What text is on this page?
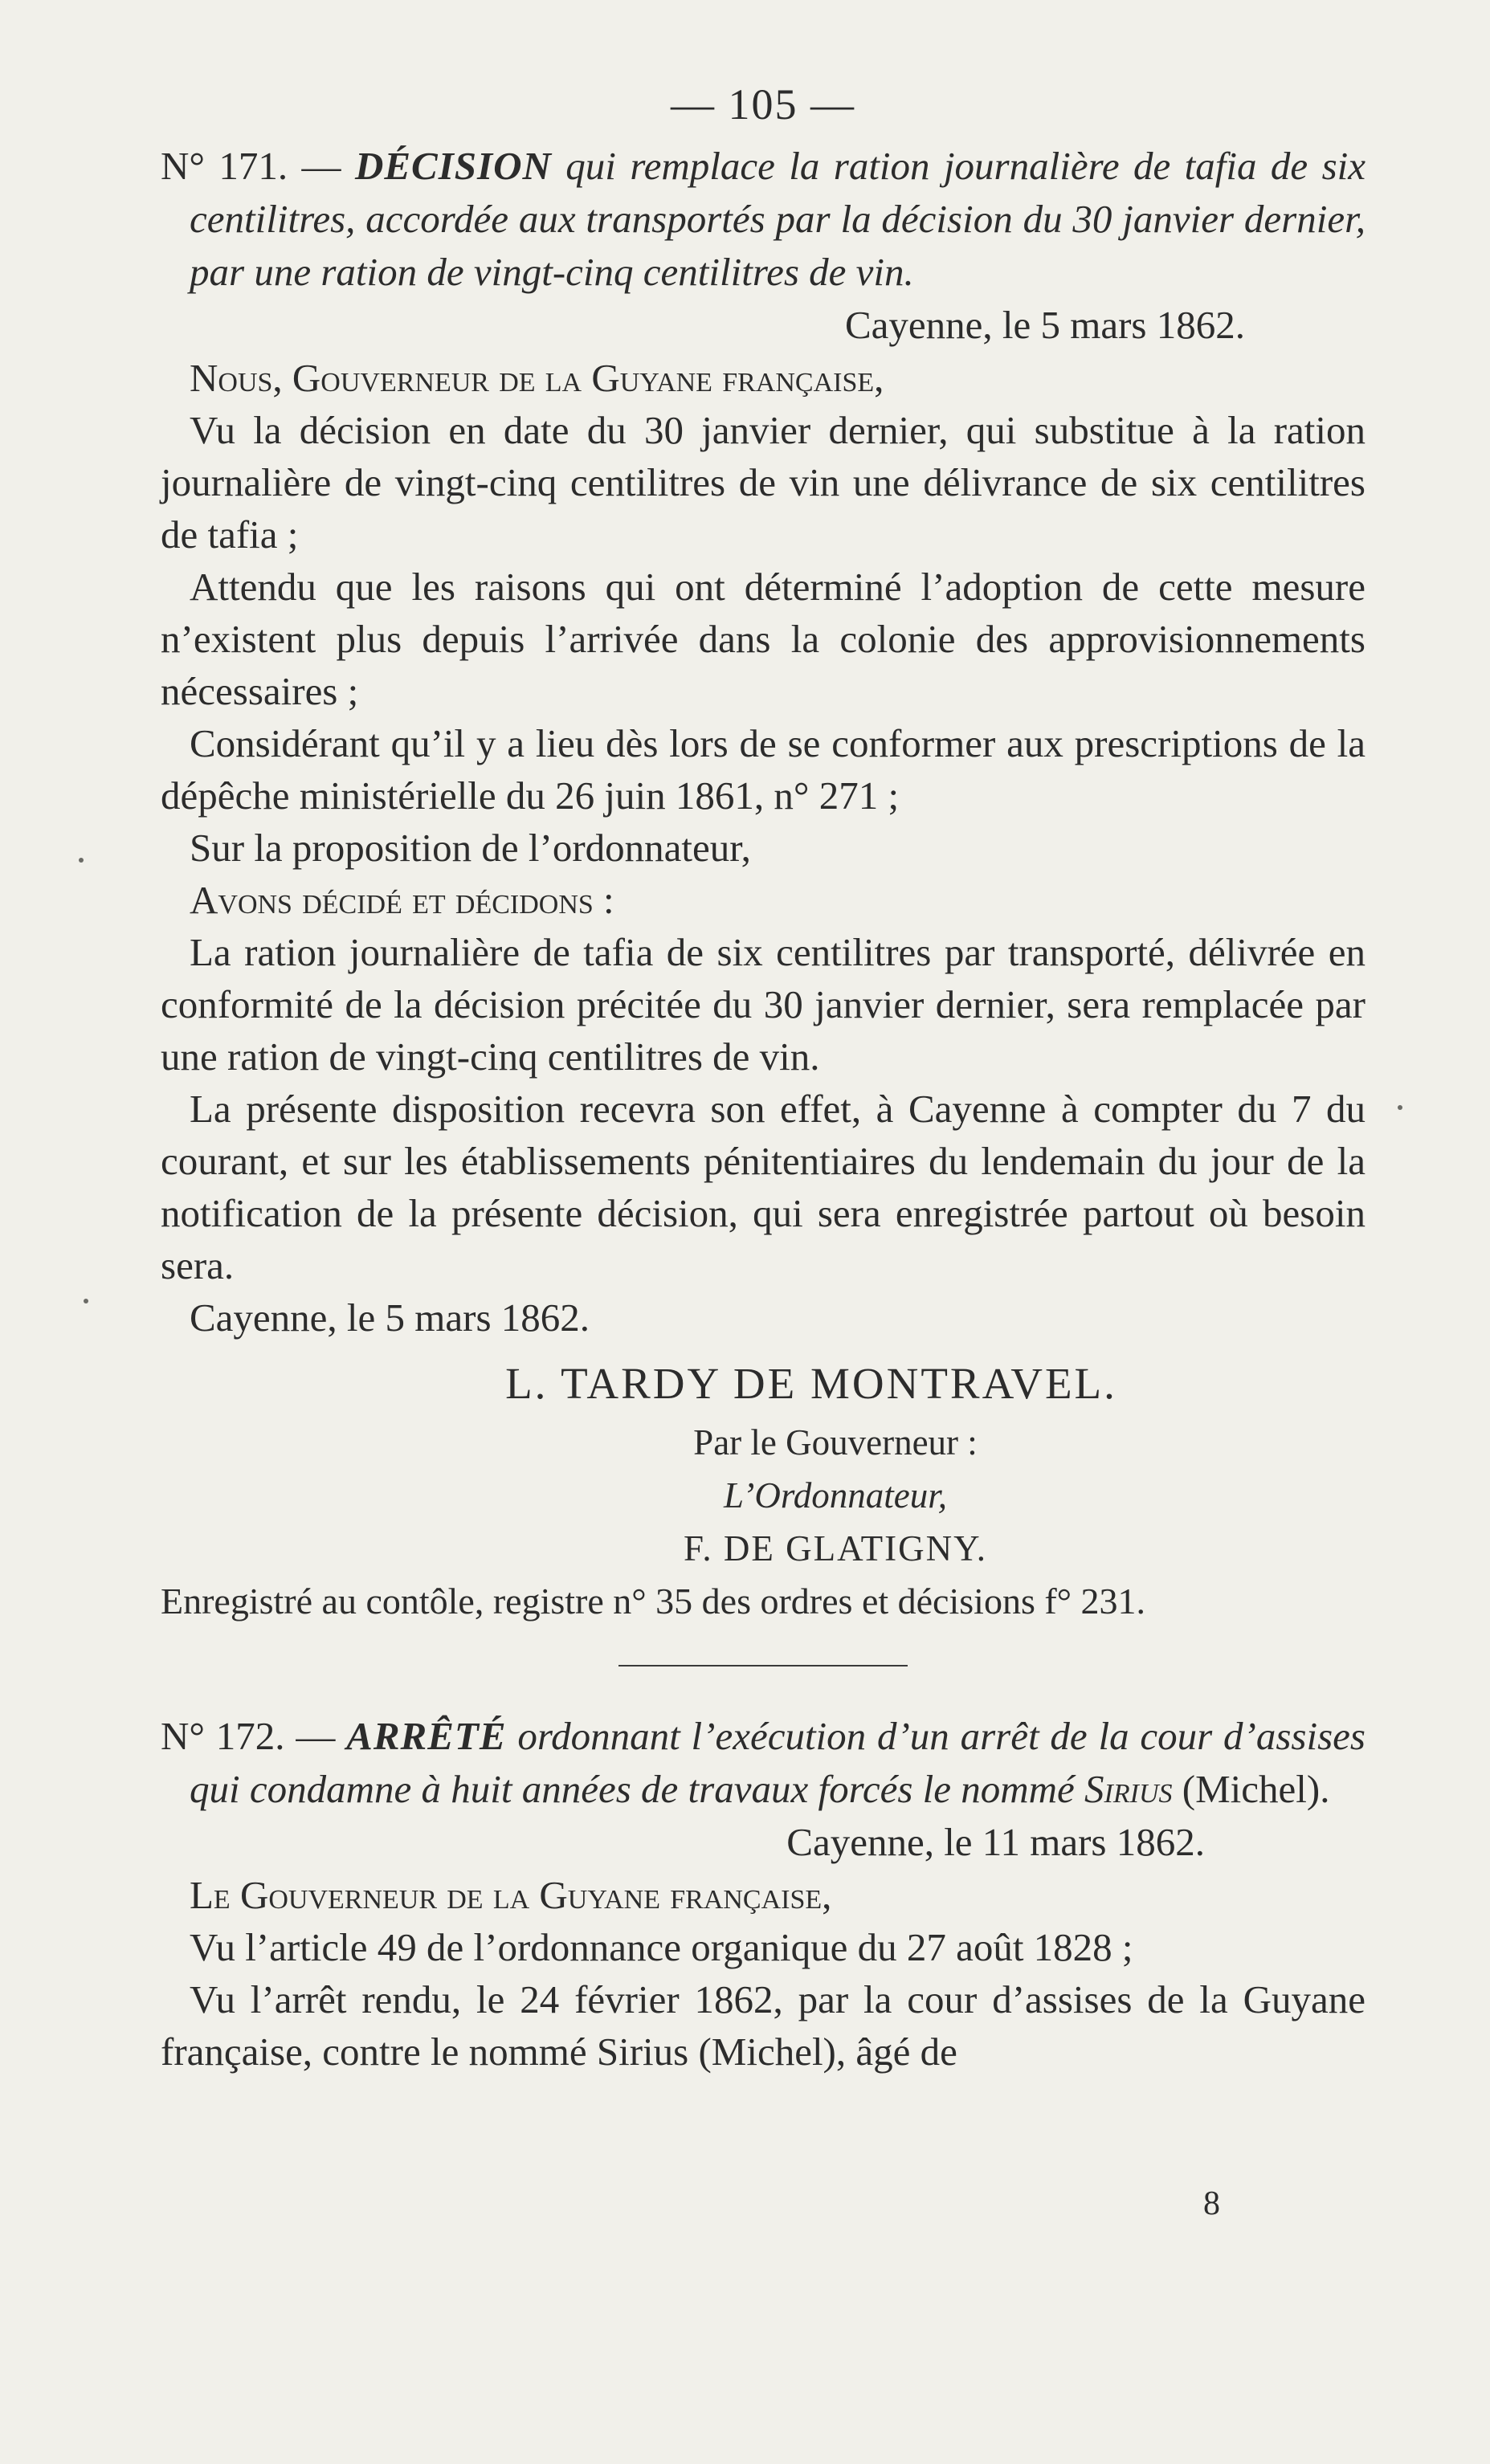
— 105 —

N° 171. — DÉCISION qui remplace la ration journalière de tafia de six centilitres, accordée aux transportés par la décision du 30 janvier dernier, par une ration de vingt-cinq centilitres de vin.

Cayenne, le 5 mars 1862.

Nous, Gouverneur de la Guyane française,

Vu la décision en date du 30 janvier dernier, qui substitue à la ration journalière de vingt-cinq centilitres de vin une délivrance de six centilitres de tafia ;

Attendu que les raisons qui ont déterminé l’adoption de cette mesure n’existent plus depuis l’arrivée dans la colonie des approvisionnements nécessaires ;

Considérant qu’il y a lieu dès lors de se conformer aux prescriptions de la dépêche ministérielle du 26 juin 1861, n° 271 ;

Sur la proposition de l’ordonnateur,

Avons décidé et décidons :

La ration journalière de tafia de six centilitres par transporté, délivrée en conformité de la décision précitée du 30 janvier dernier, sera remplacée par une ration de vingt-cinq centilitres de vin.

La présente disposition recevra son effet, à Cayenne à compter du 7 du courant, et sur les établissements pénitentiaires du lendemain du jour de la notification de la présente décision, qui sera enregistrée partout où besoin sera.

Cayenne, le 5 mars 1862.

L. TARDY DE MONTRAVEL.

Par le Gouverneur :

L’Ordonnateur,

F. DE GLATIGNY.

Enregistré au contôle, registre n° 35 des ordres et décisions f° 231.

N° 172. — ARRÊTÉ ordonnant l’exécution d’un arrêt de la cour d’assises qui condamne à huit années de travaux forcés le nommé Sirius (Michel).

Cayenne, le 11 mars 1862.

Le Gouverneur de la Guyane française,

Vu l’article 49 de l’ordonnance organique du 27 août 1828 ;

Vu l’arrêt rendu, le 24 février 1862, par la cour d’assises de la Guyane française, contre le nommé Sirius (Michel), âgé de

8
